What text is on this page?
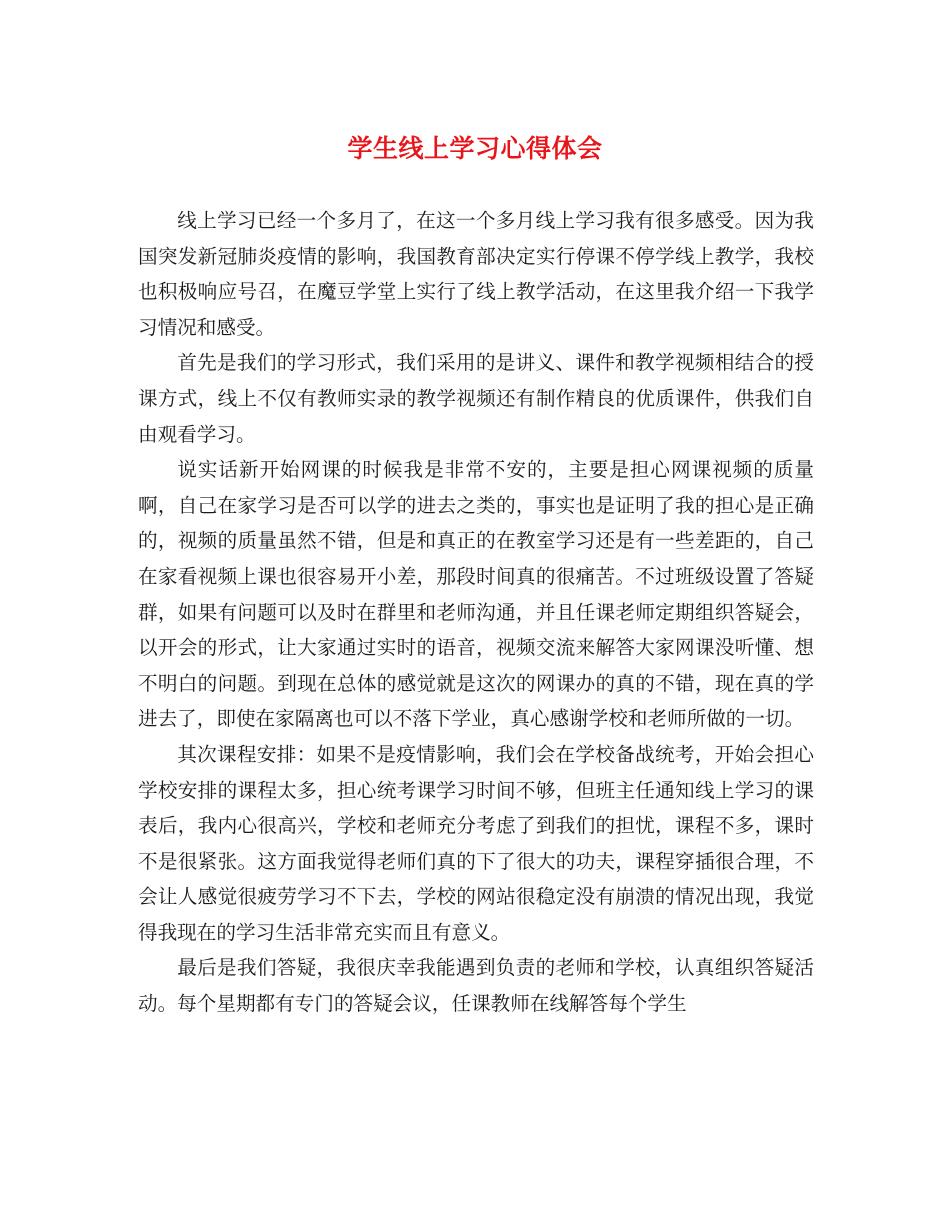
学生线上学习心得体会

线上学习已经一个多月了，在这一个多月线上学习我有很多感受。因为我国突发新冠肺炎疫情的影响，我国教育部决定实行停课不停学线上教学，我校也积极响应号召，在魔豆学堂上实行了线上教学活动，在这里我介绍一下我学习情况和感受。

首先是我们的学习形式，我们采用的是讲义、课件和教学视频相结合的授课方式，线上不仅有教师实录的教学视频还有制作精良的优质课件，供我们自由观看学习。

说实话新开始网课的时候我是非常不安的，主要是担心网课视频的质量啊，自己在家学习是否可以学的进去之类的，事实也是证明了我的担心是正确的，视频的质量虽然不错，但是和真正的在教室学习还是有一些差距的，自己在家看视频上课也很容易开小差，那段时间真的很痛苦。不过班级设置了答疑群，如果有问题可以及时在群里和老师沟通，并且任课老师定期组织答疑会，以开会的形式，让大家通过实时的语音，视频交流来解答大家网课没听懂、想不明白的问题。到现在总体的感觉就是这次的网课办的真的不错，现在真的学进去了，即使在家隔离也可以不落下学业，真心感谢学校和老师所做的一切。

其次课程安排：如果不是疫情影响，我们会在学校备战统考，开始会担心学校安排的课程太多，担心统考课学习时间不够，但班主任通知线上学习的课表后，我内心很高兴，学校和老师充分考虑了到我们的担忧，课程不多，课时不是很紧张。这方面我觉得老师们真的下了很大的功夫，课程穿插很合理，不会让人感觉很疲劳学习不下去，学校的网站很稳定没有崩溃的情况出现，我觉得我现在的学习生活非常充实而且有意义。

最后是我们答疑，我很庆幸我能遇到负责的老师和学校，认真组织答疑活动。每个星期都有专门的答疑会议，任课教师在线解答每个学生
